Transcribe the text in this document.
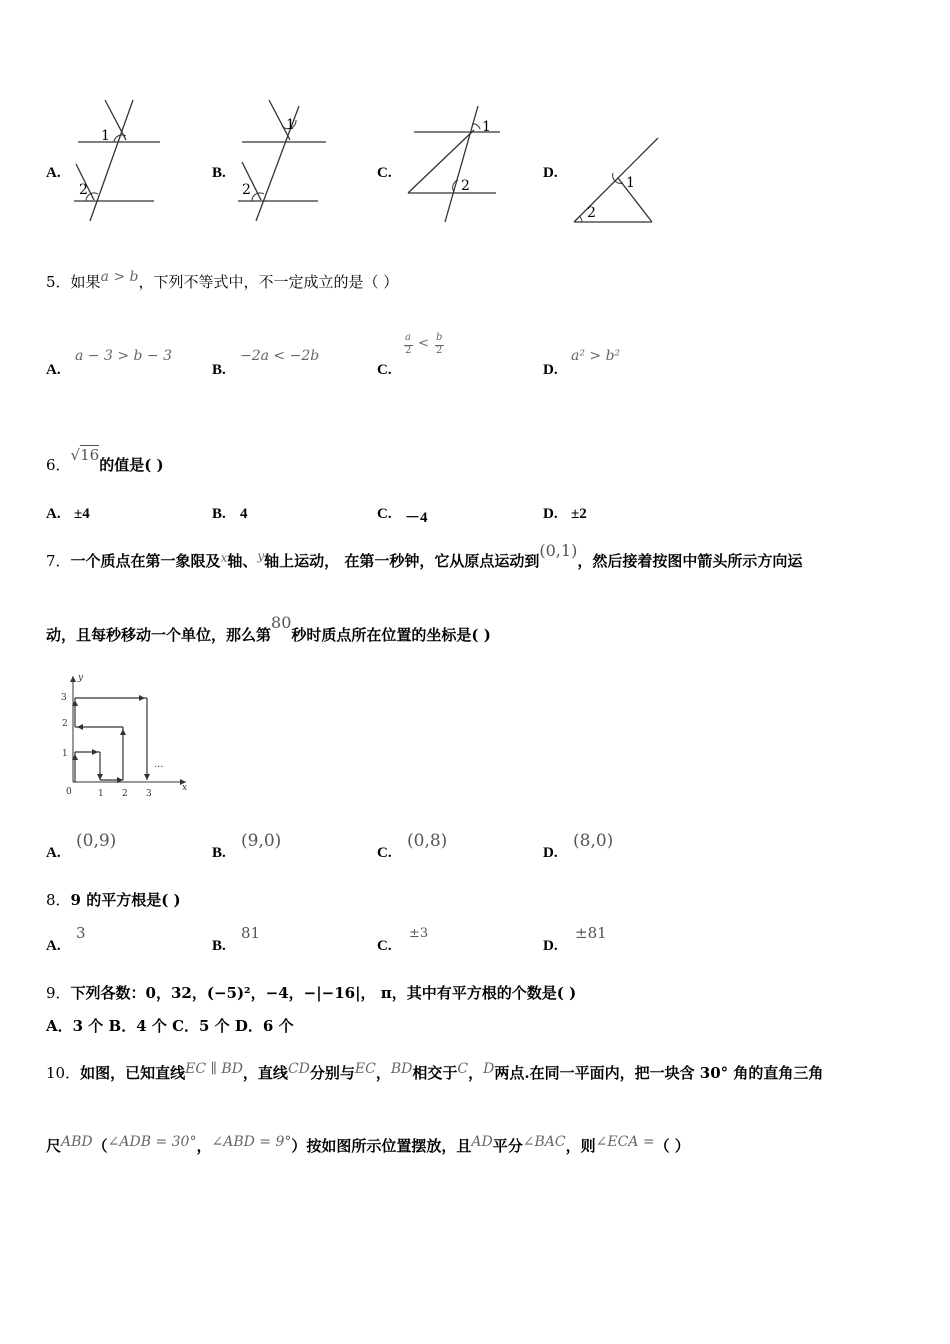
A.
1
2
B.
1
2
C.
1
2
D.
1
2
5．如果a > b，下列不等式中，不一定成立的是（ ）
A.
a − 3 > b − 3
B.
−2a < −2b
C.
a
2 < b
2
D.
a² > b²
6．√16的值是( )
A. ±4	B. 4	C. －4	D. ±2
7．一个质点在第一象限及$^x$轴、$^y$轴上运动， 在第一秒钟，它从原点运动到(0,1)，然后接着按图中箭头所示方向运
动，且每秒移动一个单位，那么第80秒时质点所在位置的坐标是( )
y
x
0	1 2 3
1
2
3
···
A.
(0,9)
B.
(9,0)
C.
(0,8)
D.
(8,0)
8．9 的平方根是( )
A.
3
B.
81
C.
±3
D.
±81
9．下列各数：0，32，(−5)²，−4，−|−16|， π，其中有平方根的个数是( )
A．3 个 B．4 个 C．5 个 D．6 个
10．如图，已知直线EC ∥ BD，直线CD分别与EC，BD相交于C，D两点.在同一平面内，把一块含 30° 角的直角三角
尺ABD（∠ADB = 30°，∠ABD = 9°）按如图所示位置摆放，且AD平分∠BAC，则∠ECA =（ ）
